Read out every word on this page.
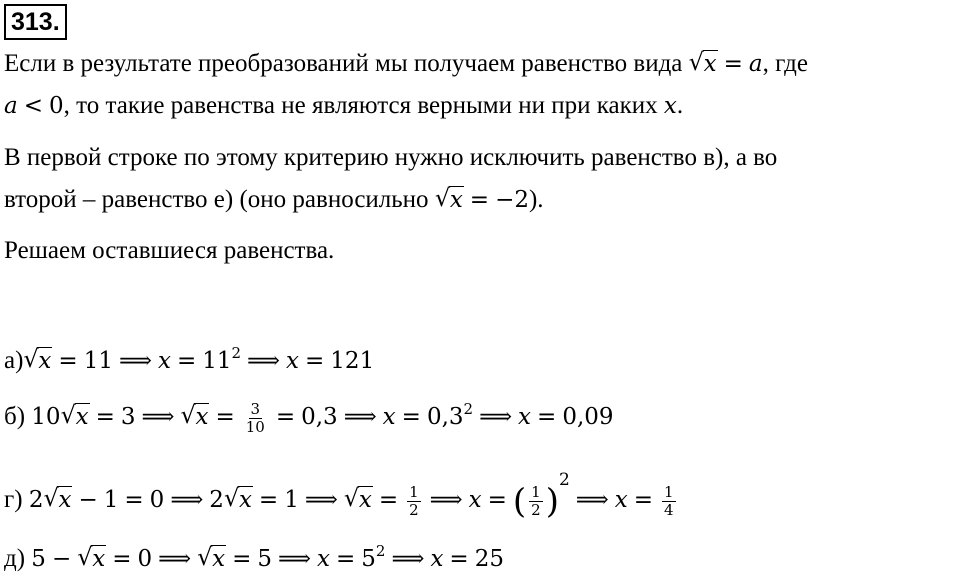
313.
Если в результате преобразований мы получаем равенство вида √ x = a, где
a < 0, то такие равенства не являются верными ни при каких x.
В первой строке по этому критерию нужно исключить равенство в), а во
второй – равенство е) (оно равносильно √ x = −2).
Решаем оставшиеся равенства.
а) √ x = 11 ⟹ $x = 11^2$ ⟹ x = 121
б) 10 √ x = 3 ⟹ √ $x = \frac{3}{10} = 0,3$ ⟹ $x = 0,3^2$ ⟹ x = 0,09
г) 2 √ x − 1 = 0 ⟹ 2 √ x = 1 ⟹ √ $x = \frac{1}{2}$ ⟹ x = ( $\frac{1}{2}$ )$^2$⟹ $x = \frac{1}{4}$
д) 5 − √ x = 0 ⟹ √ x = 5 ⟹ $x = 5^2$ ⟹ x = 25
